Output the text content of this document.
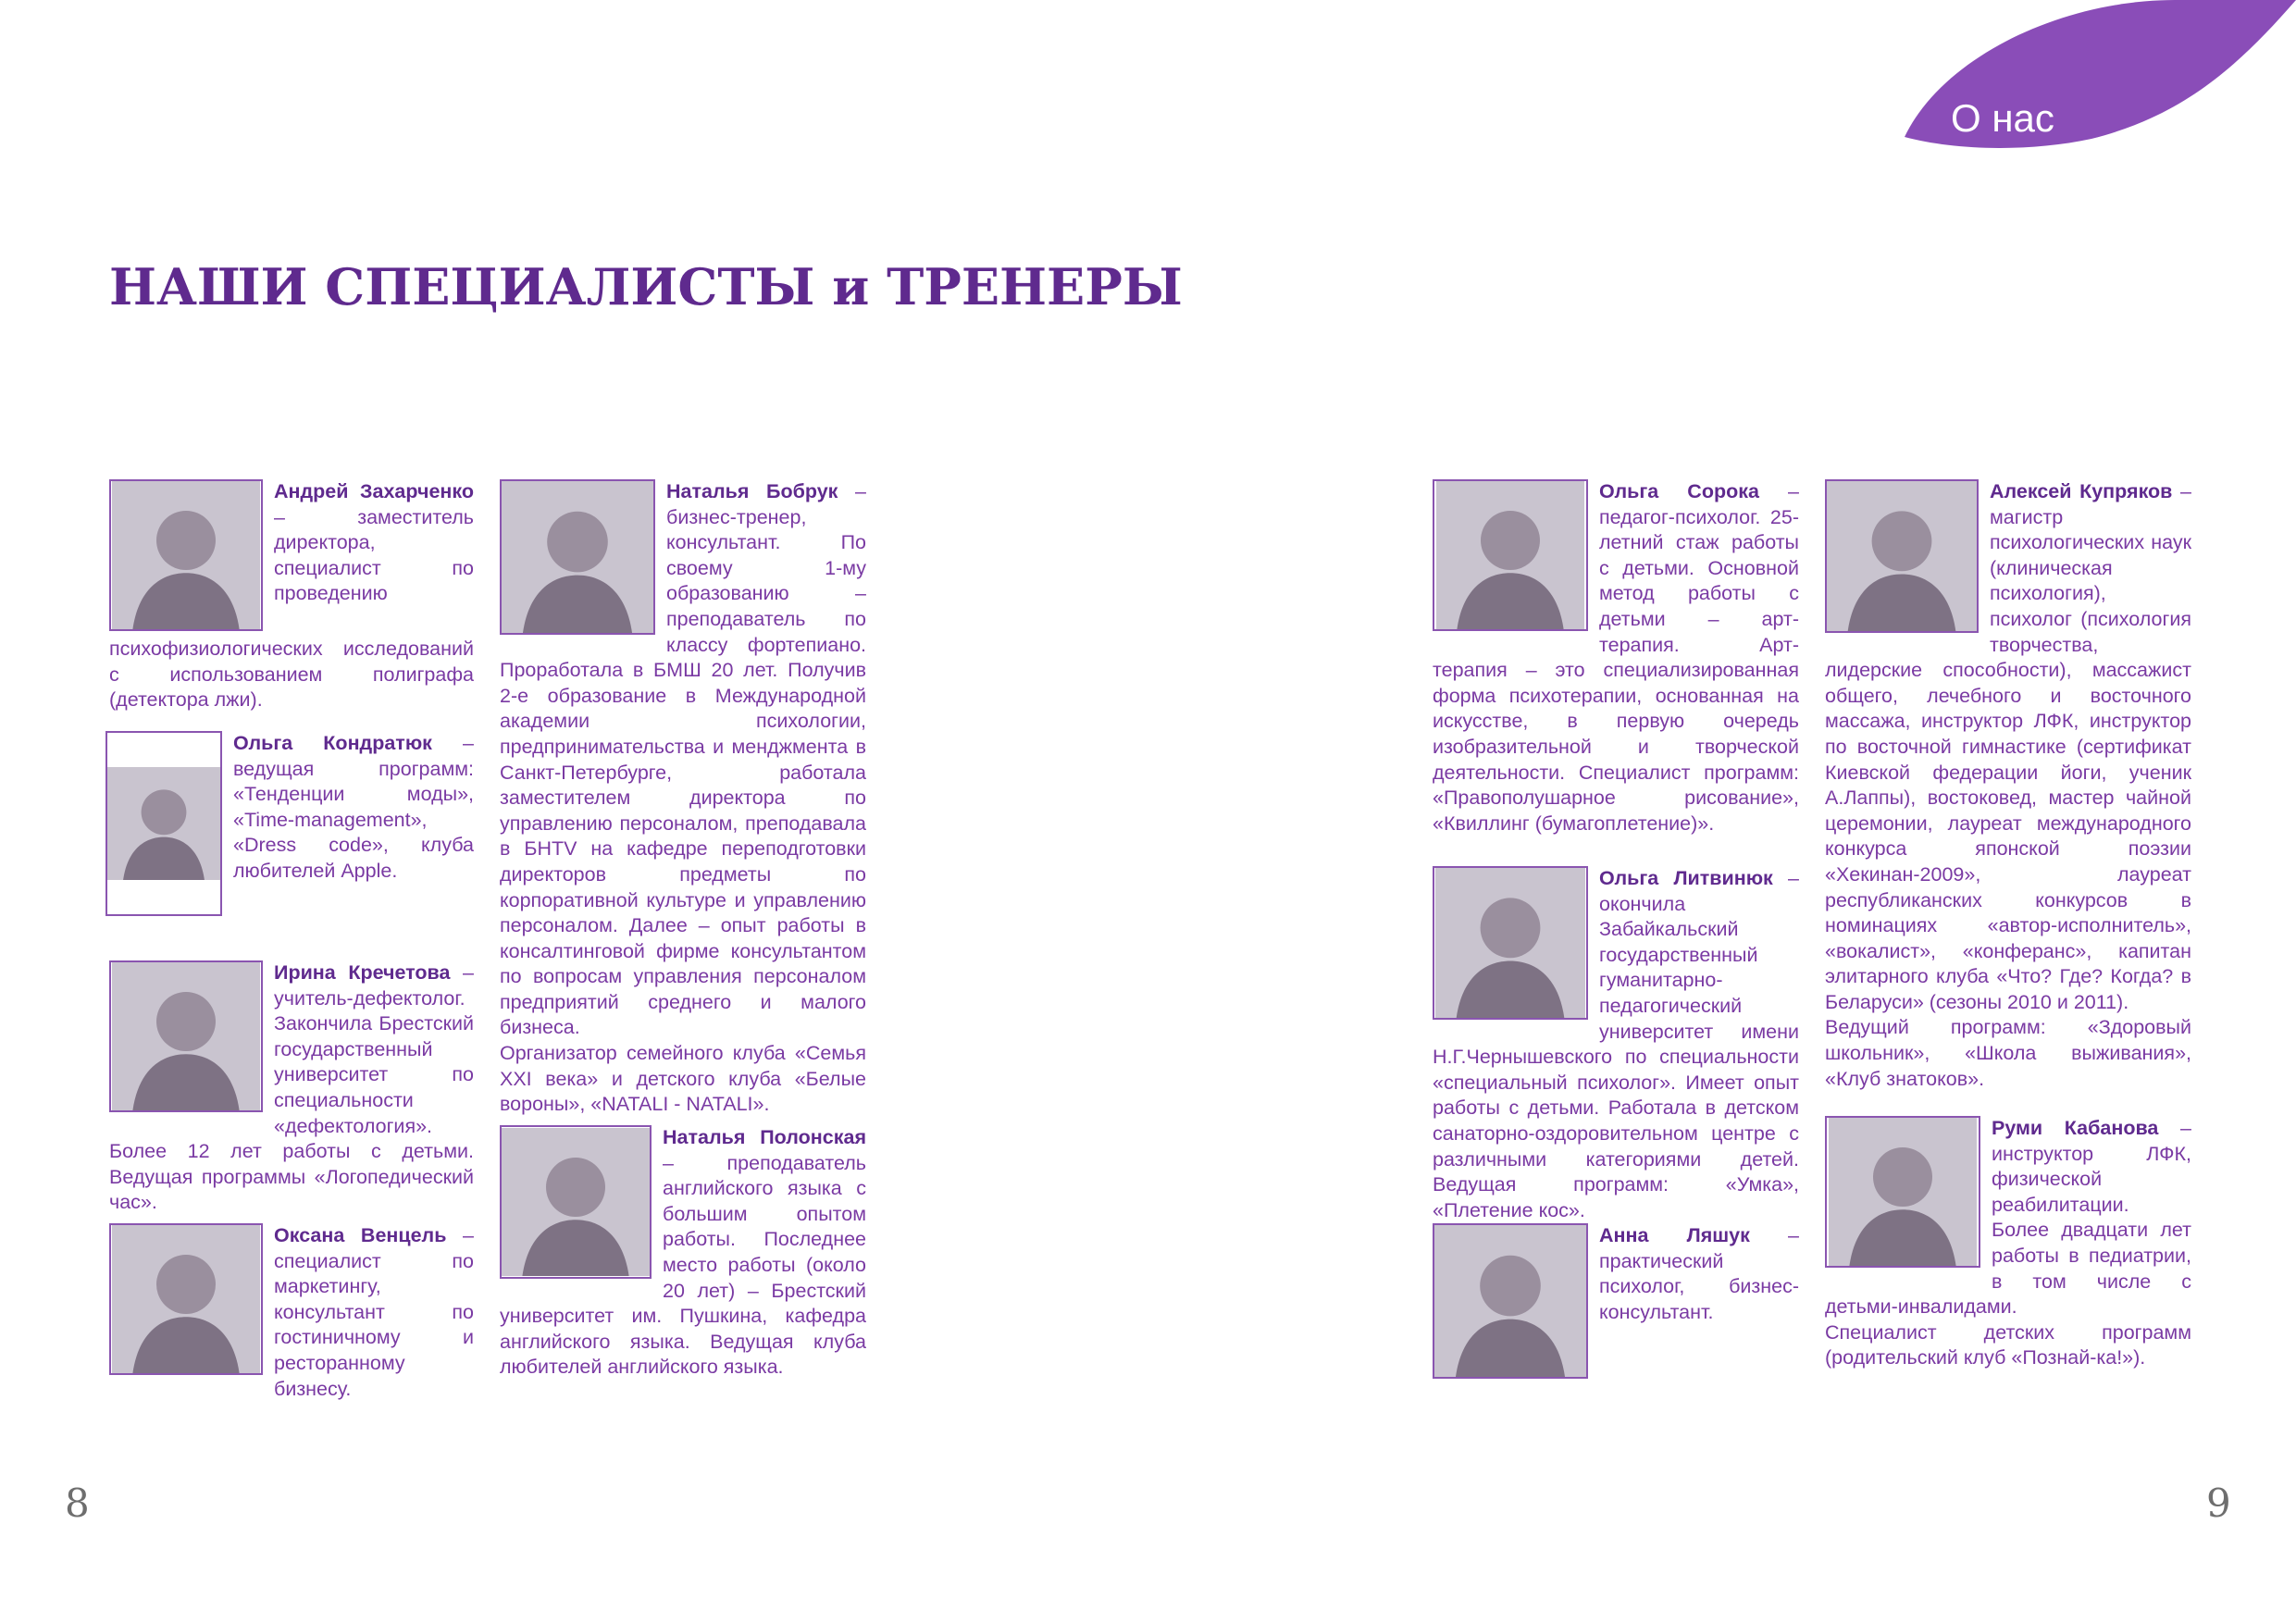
О нас
НАШИ СПЕЦИАЛИСТЫ и ТРЕНЕРЫ

Андрей Захарченко – заместитель директора, специалист по проведению психофизиологических исследований с использованием полиграфа (детектора лжи).

Ольга Кондратюк – ведущая программ: «Тенденции моды», «Time-management», «Dress code», клуба любителей Apple.

Ирина Кречетова – учитель-дефектолог. Закончила Брестский государственный университет по специальности «дефектология». Более 12 лет работы с детьми. Ведущая программы «Логопедический час».

Оксана Венцель – специалист по маркетингу, консультант по гостиничному и ресторанному бизнесу.

Наталья Бобрук – бизнес-тренер, консультант. По своему 1-му образованию – преподаватель по классу фортепиано. Проработала в БМШ 20 лет. Получив 2-е образование в Международной академии психологии, предпринимательства и менджмента в Санкт-Петербурге, работала заместителем директора по управлению персоналом, преподавала в БНТV на кафедре переподготовки директоров предметы по корпоративной культуре и управлению персоналом. Далее – опыт работы в консалтинговой фирме консультантом по вопросам управления персоналом предприятий среднего и малого бизнеса.

Организатор семейного клуба «Семья XXI века» и детского клуба «Белые вороны», «NATALI - NATALI».

Наталья Полонская – преподаватель английского языка с большим опытом работы. Последнее место работы (около 20 лет) – Брестский университет им. Пушкина, кафедра английского языка. Ведущая клуба любителей английского языка.

Ольга Сорока – педагог-психолог. 25-летний стаж работы с детьми. Основной метод работы с детьми – арт-терапия. Арт-терапия – это специализированная форма психотерапии, основанная на искусстве, в первую очередь изобразительной и творческой деятельности. Специалист программ: «Правополушарное рисование», «Квиллинг (бумагоплетение)».

Ольга Литвинюк – окончила Забайкальский государственный гуманитарно-педагогический университет имени Н.Г.Чернышевского по специальности «специальный психолог». Имеет опыт работы с детьми. Работала в детском санаторно-оздоровительном центре с различными категориями детей. Ведущая программ: «Умка», «Плетение кос».

Анна Ляшук – практический психолог, бизнес-консультант.

Алексей Купряков – магистр психологических наук (клиническая психология), психолог (психология творчества, лидерские способности), массажист общего, лечебного и восточного массажа, инструктор ЛФК, инструктор по восточной гимнастике (сертификат Киевской федерации йоги, ученик А.Лаппы), востоковед, мастер чайной церемонии, лауреат международного конкурса японской поэзии «Хекинан-2009», лауреат республиканских конкурсов в номинациях «автор-исполнитель», «вокалист», «конферанс», капитан элитарного клуба «Что? Где? Когда? в Беларуси» (сезоны 2010 и 2011).

Ведущий программ: «Здоровый школьник», «Школа выживания», «Клуб знатоков».

Руми Кабанова – инструктор ЛФК, физической реабилитации. Более двадцати лет работы в педиатрии, в том числе с детьми-инвалидами.

Специалист детских программ (родительский клуб «Познай-ка!»).

8	9
